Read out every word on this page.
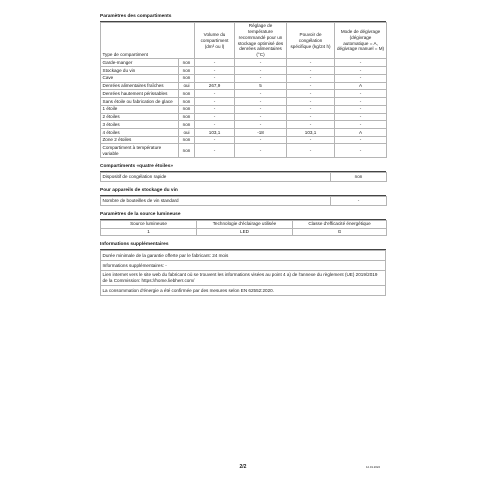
Paramètres des compartiments
Type de compartiment		Volume du compartiment (dm³ ou l)	Réglage de température recommandé pour un stockage optimisé des denrées alimentaires (°C)	Pouvoir de congélation spécifique (kg/24 h)	Mode de dégivrage (dégivrage automatique = A, dégivrage manuel = M)
Garde-manger	non	-	-	-	-
Stockage du vin	non	-	-	-	-
Cave	non	-	-	-	-
Denrées alimentaires fraîches	oui	267,9	5	-	A
Denrées hautement périssables	non	-	-	-	-
Sans étoile ou fabrication de glace	non	-	-	-	-
1 étoile	non	-	-	-	-
2 étoiles	non	-	-	-	-
3 étoiles	non	-	-	-	-
4 étoiles	oui	103,1	-18	103,1	A
Zone 2 étoiles	non	-	-	-	-
Compartiment à température variable	non	-	-	-	-
Compartiments «quatre étoiles»
Dispositif de congélation rapide	non
Pour appareils de stockage du vin
Nombre de bouteilles de vin standard	-
Paramètres de la source lumineuse
Source lumineuse	Technologie d'éclairage utilisée	Classe d'efficacité énergétique
1	LED	G
Informations supplémentaires
Durée minimale de la garantie offerte par le fabricant: 24 mois
Informations supplémentaires: -
Lien internet vers le site web du fabricant où se trouvent les informations visées au point 4 a) de l'annexe du règlement (UE) 2019/2019 de la Commission: https://home.liebherr.com/
La consommation d'énergie a été confirmée par des mesures selon EN 62552:2020.
2/2	12.01.2022
